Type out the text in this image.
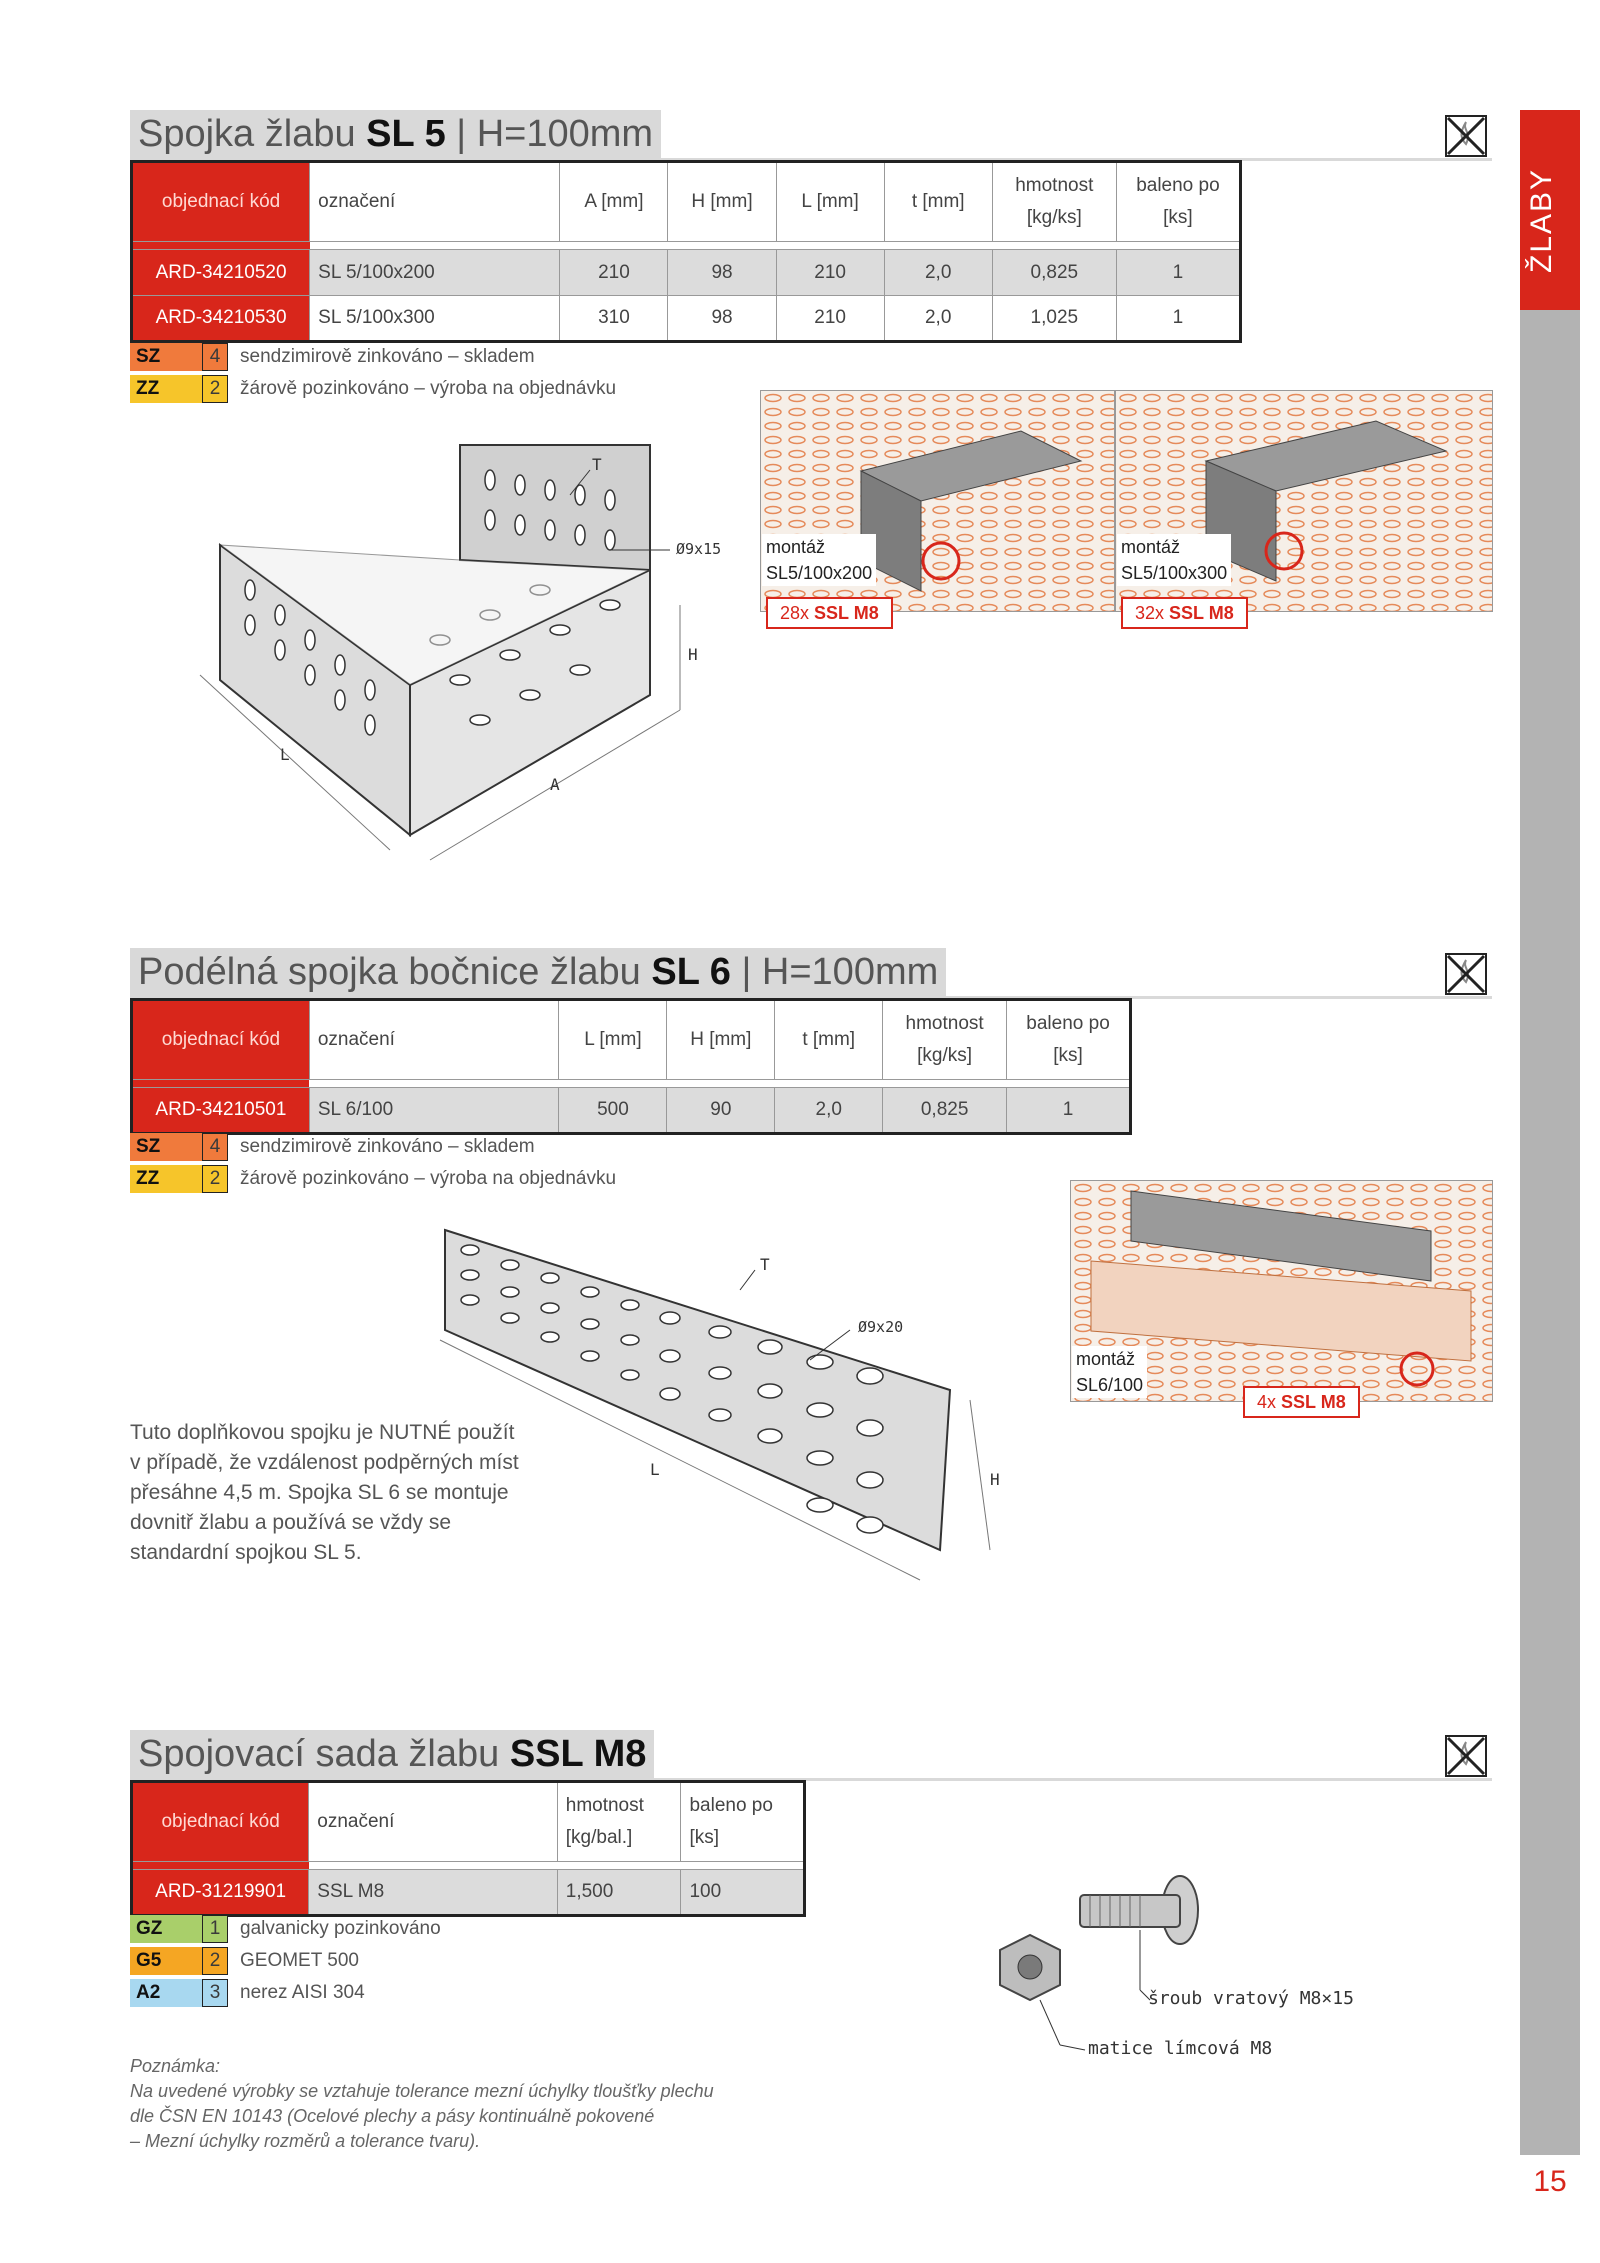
ŽLABY
15
Spojka žlabu SL 5 | H=100mm
objednací kód	označení	A [mm]	H [mm]	L [mm]	t [mm]	hmotnost [kg/ks]	baleno po [ks]

ARD-34210520	SL 5/100x200	210	98	210	2,0	0,825	1
ARD-34210530	SL 5/100x300	310	98	210	2,0	1,025	1
SZ	4	sendzimirově zinkováno – skladem
ZZ	2	žárově pozinkováno – výroba na objednávku
L
A
H
T
Ø9x15 montáž
SL5/100x200
28x SSL M8
montáž
SL5/100x300
32x SSL M8
Podélná spojka bočnice žlabu SL 6 | H=100mm
objednací kód	označení	L [mm]	H [mm]	t [mm]	hmotnost [kg/ks]	baleno po [ks]

ARD-34210501	SL 6/100	500	90	2,0	0,825	1
SZ	4	sendzimirově zinkováno – skladem
ZZ	2	žárově pozinkováno – výroba na objednávku
T
Ø9x20
H
L
Tuto doplňkovou spojku je NUTNÉ použít v případě, že vzdálenost podpěrných míst přesáhne 4,5 m. Spojka SL 6 se montuje dovnitř žlabu a používá se vždy se standardní spojkou SL 5.
montáž
SL6/100
4x SSL M8
Spojovací sada žlabu SSL M8
objednací kód	označení	hmotnost [kg/bal.]	baleno po [ks]

ARD-31219901	SSL M8	1,500	100
GZ	1	galvanicky pozinkováno
G5	2	GEOMET 500
A2	3	nerez AISI 304	šroub vratový M8×15
matice límcová M8
Poznámka:
Na uvedené výrobky se vztahuje tolerance mezní úchylky tloušťky plechu
dle ČSN EN 10143 (Ocelové plechy a pásy kontinuálně pokovené
– Mezní úchylky rozměrů a tolerance tvaru).
